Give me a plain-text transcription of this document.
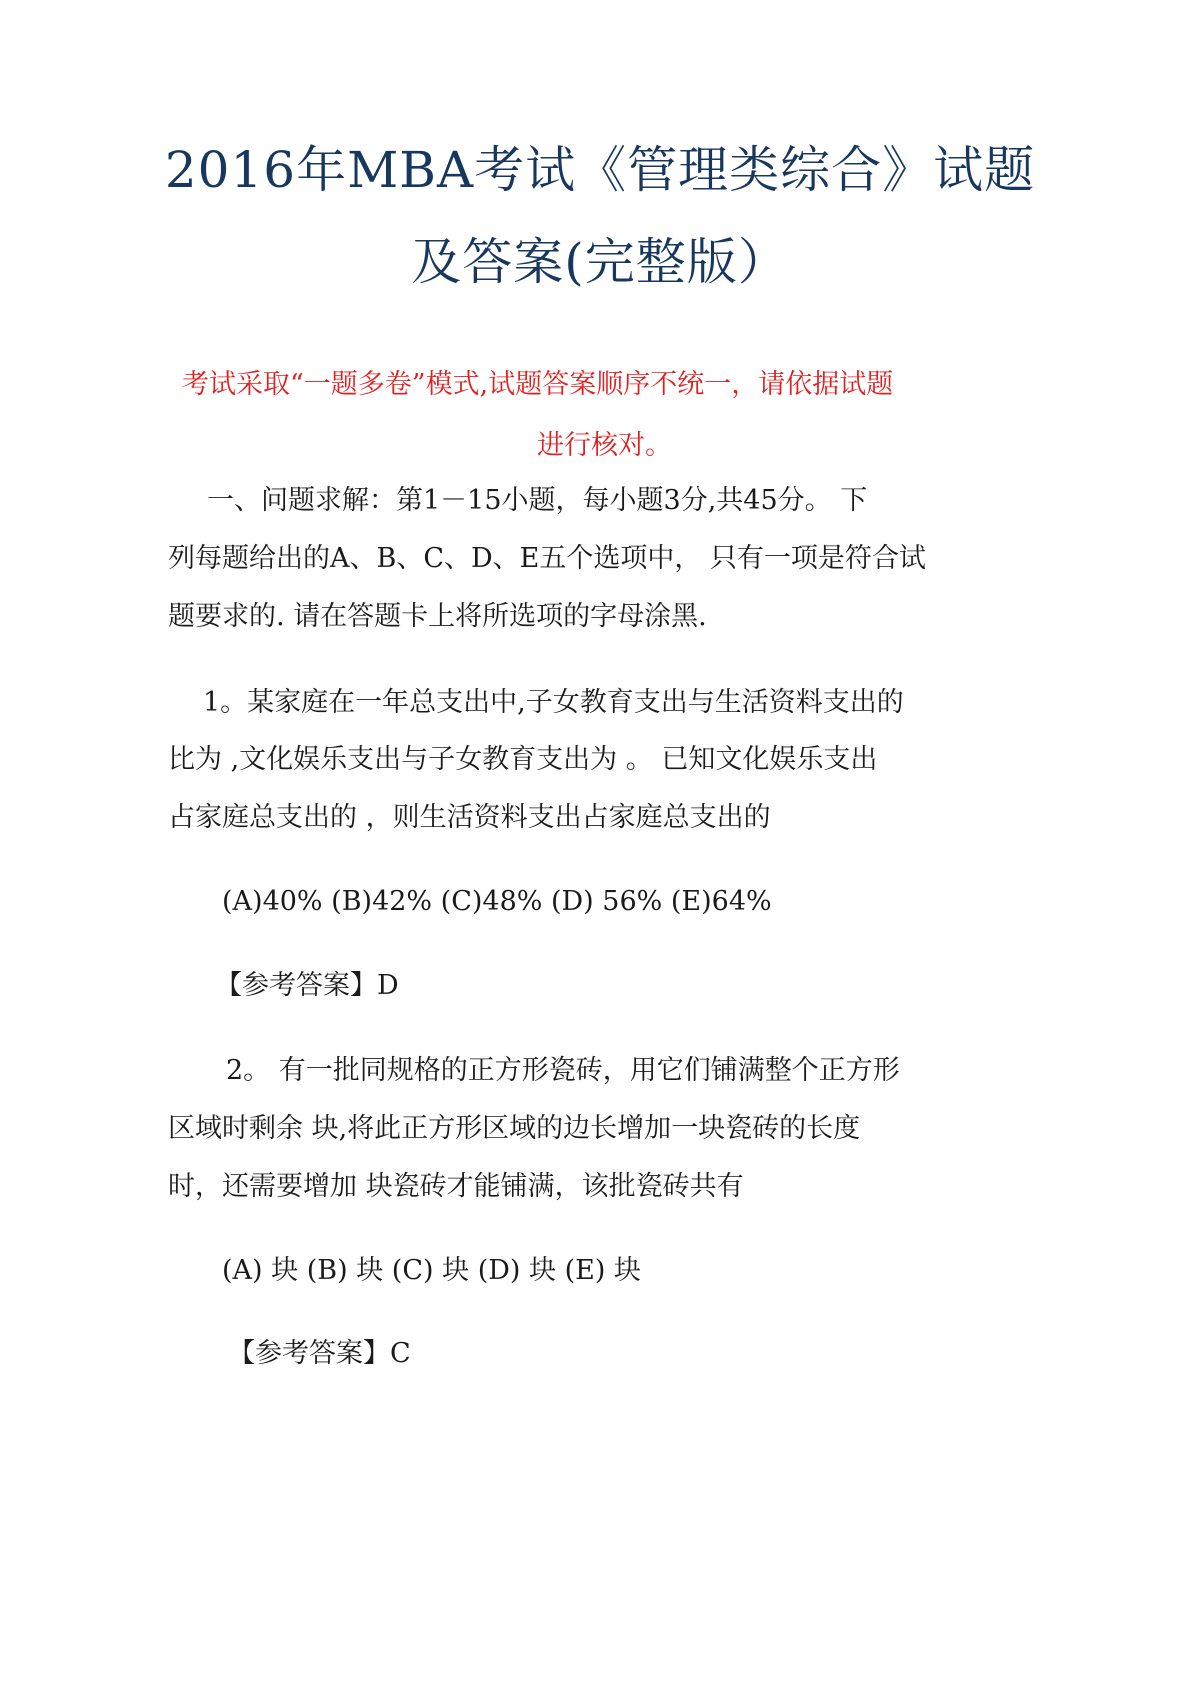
2016年MBA考试《管理类综合》试题
及答案(完整版）
考试采取“一题多卷”模式,试题答案顺序不统一，请依据试题
进行核对。
一、问题求解：第1－15小题，每小题3分,共45分。 下
列每题给出的A、B、C、D、E五个选项中， 只有一项是符合试
题要求的. 请在答题卡上将所选项的字母涂黑.
1。某家庭在一年总支出中,子女教育支出与生活资料支出的
比为 ,文化娱乐支出与子女教育支出为 。 已知文化娱乐支出
占家庭总支出的 ，则生活资料支出占家庭总支出的
(A)40% (B)42% (C)48% (D) 56% (E)64%
【参考答案】D
2。 有一批同规格的正方形瓷砖，用它们铺满整个正方形
区域时剩余 块,将此正方形区域的边长增加一块瓷砖的长度
时，还需要增加 块瓷砖才能铺满，该批瓷砖共有
(A) 块 (B) 块 (C) 块 (D) 块 (E) 块
【参考答案】C
